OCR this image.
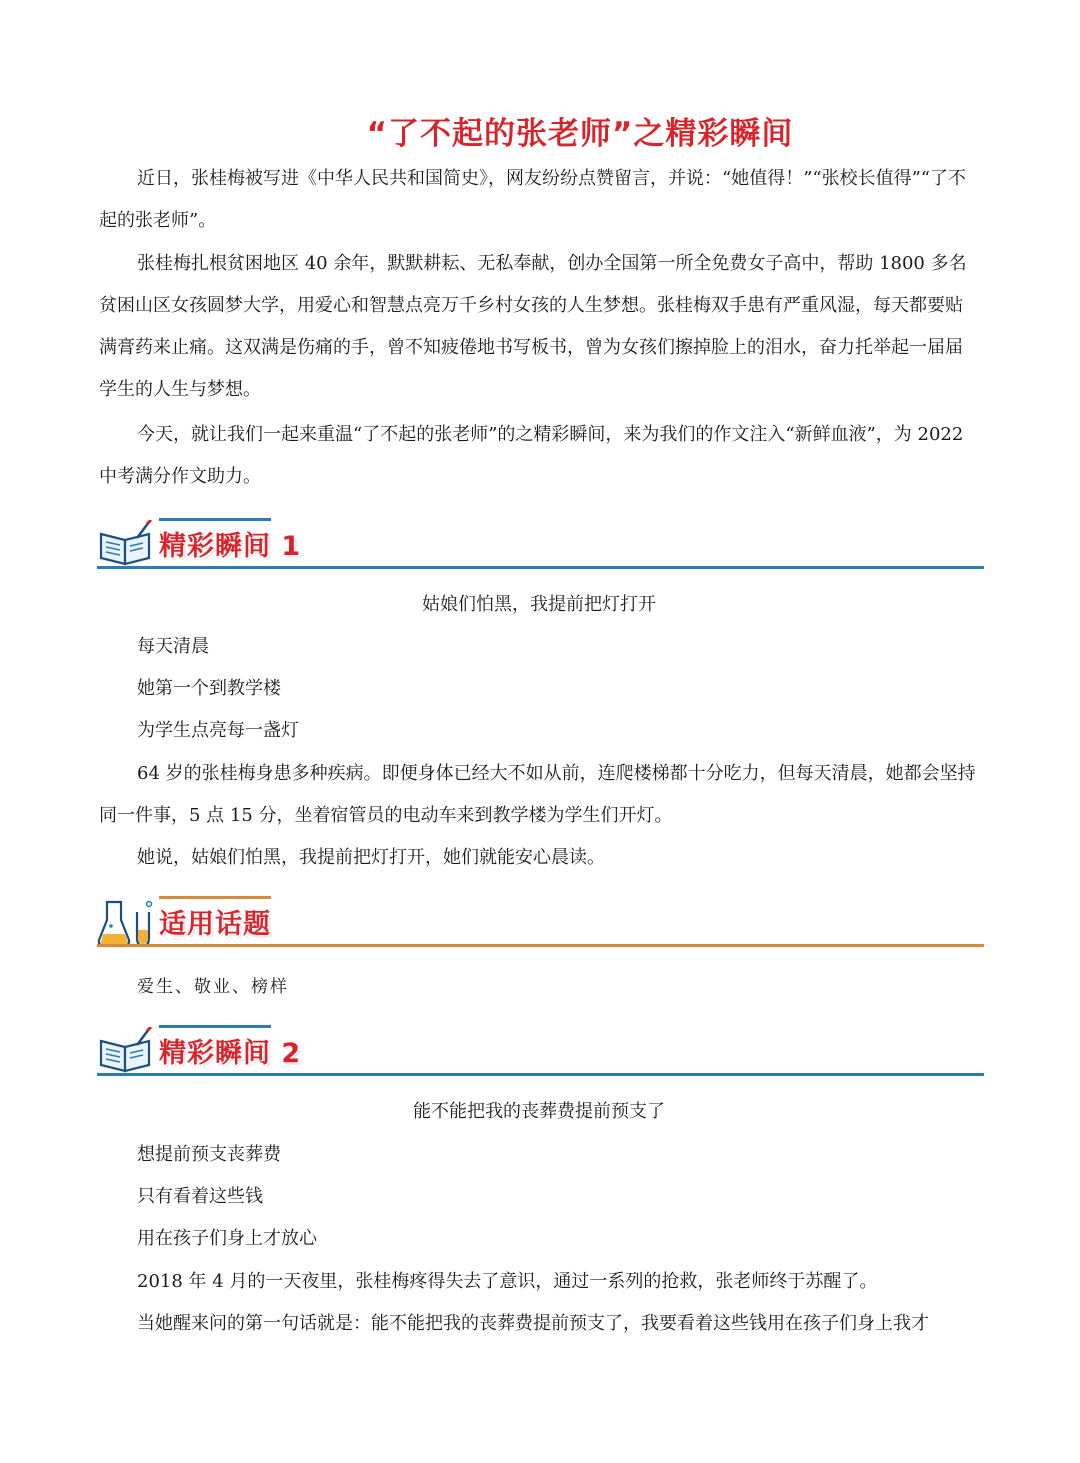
“了不起的张老师”之精彩瞬间

近日，张桂梅被写进《中华人民共和国简史》，网友纷纷点赞留言，并说：“她值得！”“张校长值得”“了不起的张老师”。

张桂梅扎根贫困地区 40 余年，默默耕耘、无私奉献，创办全国第一所全免费女子高中，帮助 1800 多名贫困山区女孩圆梦大学，用爱心和智慧点亮万千乡村女孩的人生梦想。张桂梅双手患有严重风湿，每天都要贴满膏药来止痛。这双满是伤痛的手，曾不知疲倦地书写板书，曾为女孩们擦掉脸上的泪水，奋力托举起一届届学生的人生与梦想。

今天，就让我们一起来重温“了不起的张老师”的之精彩瞬间，来为我们的作文注入“新鲜血液”，为 2022 中考满分作文助力。

精彩瞬间 1

姑娘们怕黑，我提前把灯打开

每天清晨

她第一个到教学楼

为学生点亮每一盏灯

64 岁的张桂梅身患多种疾病。即便身体已经大不如从前，连爬楼梯都十分吃力，但每天清晨，她都会坚持同一件事，5 点 15 分，坐着宿管员的电动车来到教学楼为学生们开灯。

她说，姑娘们怕黑，我提前把灯打开，她们就能安心晨读。

适用话题

爱生、敬业、榜样

精彩瞬间 2

能不能把我的丧葬费提前预支了

想提前预支丧葬费

只有看着这些钱

用在孩子们身上才放心

2018 年 4 月的一天夜里，张桂梅疼得失去了意识，通过一系列的抢救，张老师终于苏醒了。

当她醒来问的第一句话就是：能不能把我的丧葬费提前预支了，我要看着这些钱用在孩子们身上我才
